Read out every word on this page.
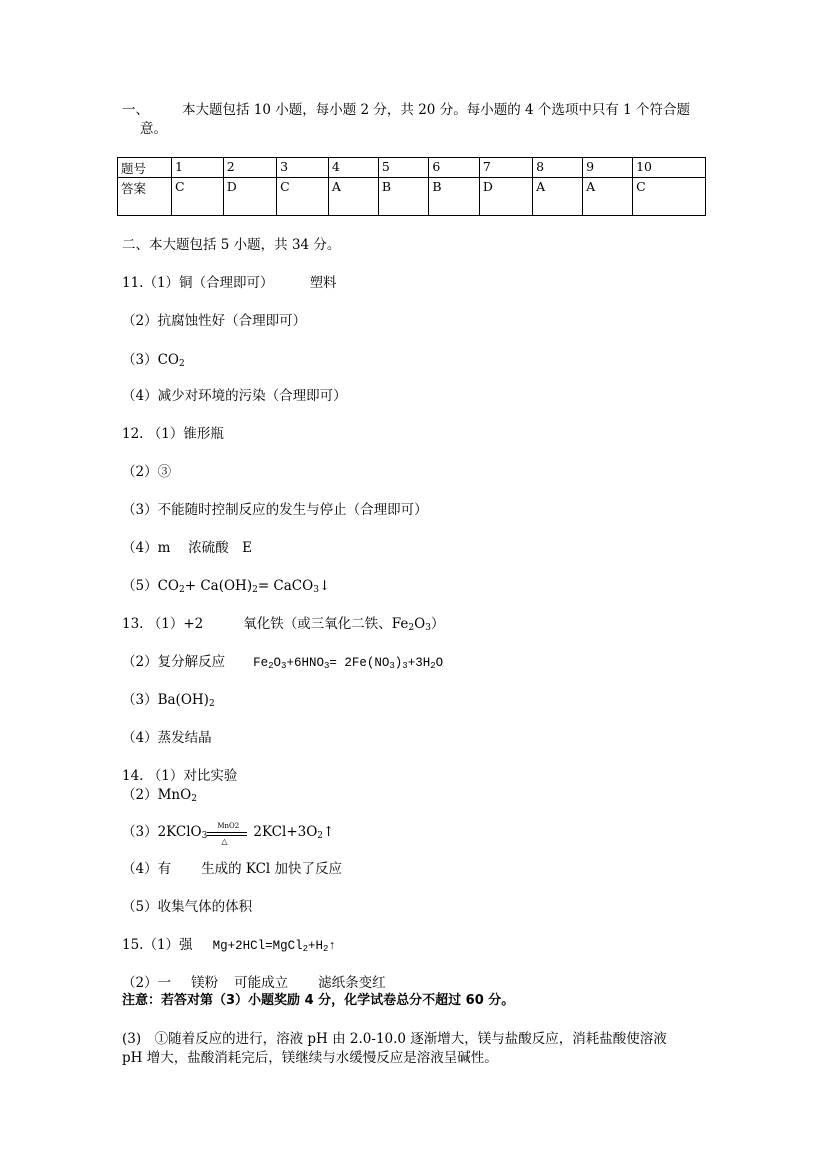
一、 本大题包括 10 小题，每小题 2 分，共 20 分。每小题的 4 个选项中只有 1 个符合题
意。
题号	1	2	3	4	5	6	7	8	9	10
答案	C	D	C	A	B	B	D	A	A	C
二、本大题包括 5 小题，共 34 分。
11.（1）铜（合理即可）	塑料
（2）抗腐蚀性好（合理即可）
$(3)CO_2$
（4）减少对环境的污染（合理即可）
12. （1）锥形瓶
（2）③
（3）不能随时控制反应的发生与停止（合理即可）
（4）m　 浓硫酸　E
$(5)CO_2+ Ca(OH)_2=$ CaCO$_3$↓
13. （1）+2	氧化铁（或三氧化二铁、$Fe_2O_3$）
（2）复分解反应 $Fe_2O_3+6HNO_3= 2Fe(NO_3)_3+3H_2O$
$(3)Ba(OH)_2$
（4）蒸发结晶
14. （1）对比实验
（2）MnO$_2$
（3）2KClO$_3$
MnO2
△
$2KCl+3O_2↑$
（4）有 生成的 KCl 加快了反应
（5）收集气体的体积
15.（1）强 $Mg+2HCl=MgCl_2+H_2↑$
（2）一 镁粉 可能成立 滤纸条变红
注意：若答对第（3）小题奖励 4 分，化学试卷总分不超过 60 分。
(3)　①随着反应的进行，溶液 pH 由 2.0-10.0 逐渐增大，镁与盐酸反应，消耗盐酸使溶液
pH 增大，盐酸消耗完后，镁继续与水缓慢反应是溶液呈碱性。
